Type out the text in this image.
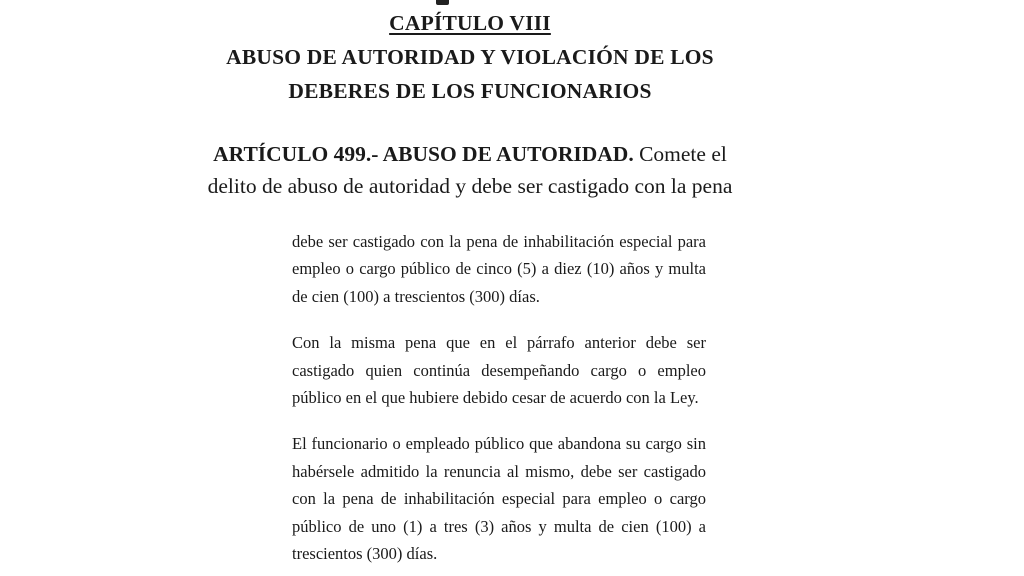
CAPÍTULO VIII
ABUSO DE AUTORIDAD Y VIOLACIÓN DE LOS
DEBERES DE LOS FUNCIONARIOS
ARTÍCULO 499.- ABUSO DE AUTORIDAD. Comete el
delito de abuso de autoridad y debe ser castigado con la pena
debe ser castigado con la pena de inhabilitación especial para
empleo o cargo público de cinco (5) a diez (10) años y multa
de cien (100) a trescientos (300) días.
Con la misma pena que en el párrafo anterior debe ser
castigado quien continúa desempeñando cargo o empleo
público en el que hubiere debido cesar de acuerdo con la Ley.
El funcionario o empleado público que abandona su cargo sin
habérsele admitido la renuncia al mismo, debe ser castigado
con la pena de inhabilitación especial para empleo o cargo
público de uno (1) a tres (3) años y multa de cien (100) a
trescientos (300) días.
